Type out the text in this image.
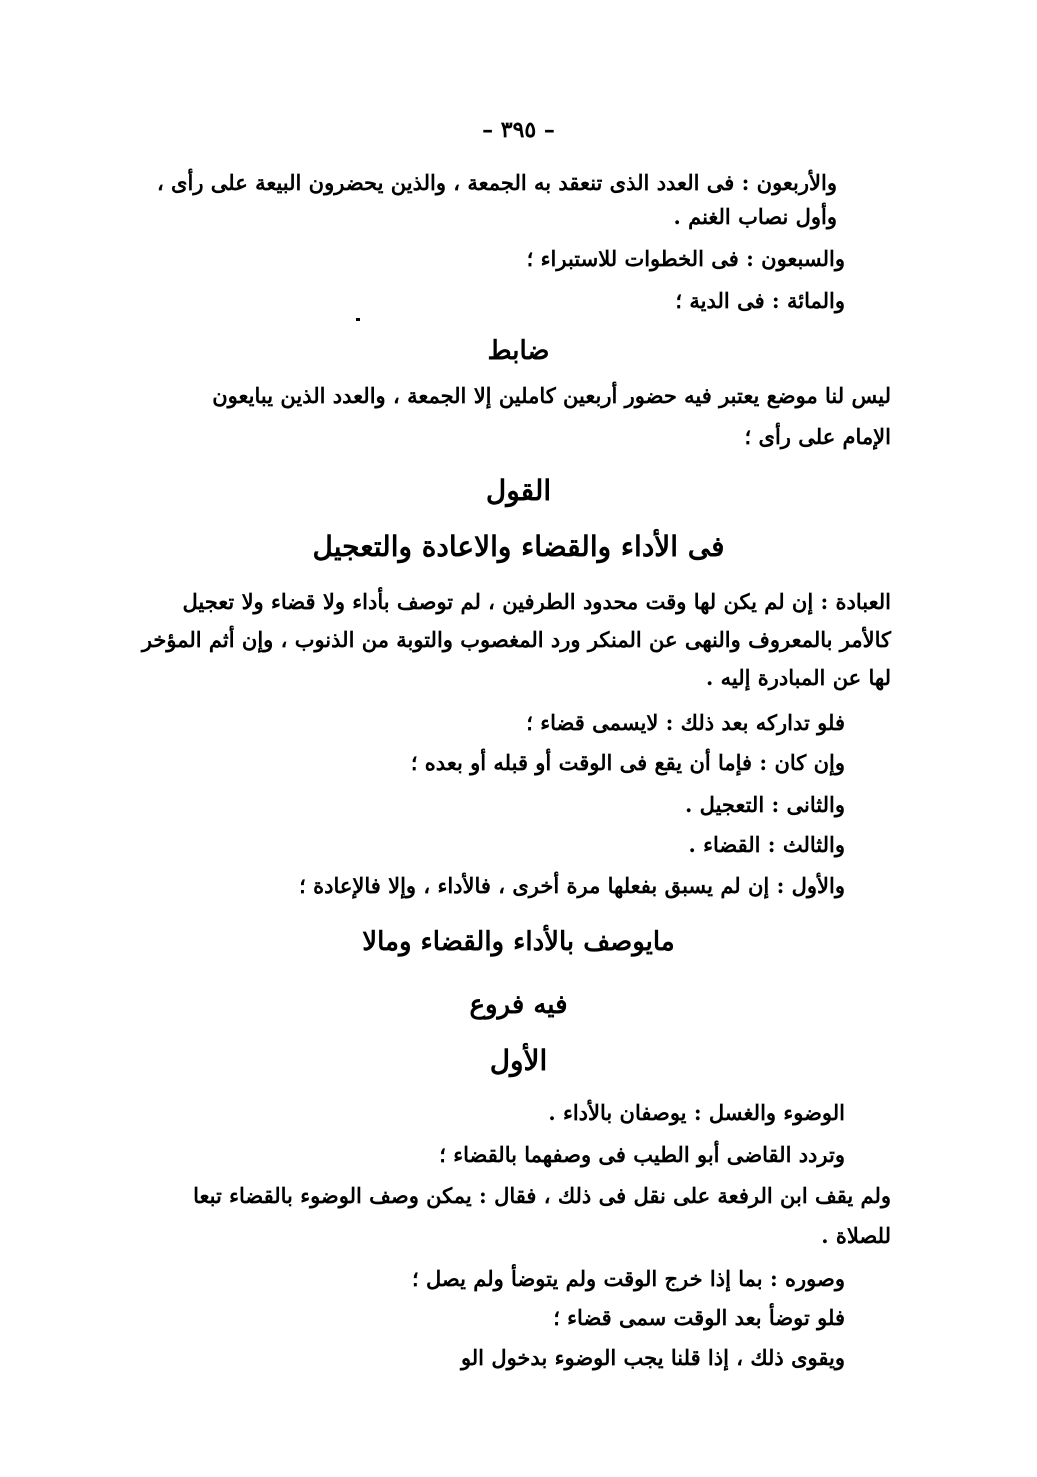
– ٣٩٥ –
والأربعون : فى العدد الذى تنعقد به الجمعة ، والذين يحضرون البيعة على رأى ،
وأول نصاب الغنم .
والسبعون : فى الخطوات للاستبراء ؛
والمائة : فى الدية ؛
ضابط
ليس لنا موضع يعتبر فيه حضور أربعين كاملين إلا الجمعة ، والعدد الذين يبايعون
الإمام على رأى ؛
القول
فى الأداء والقضاء والاعادة والتعجيل
العبادة : إن لم يكن لها وقت محدود الطرفين ، لم توصف بأداء ولا قضاء ولا تعجيل
كالأمر بالمعروف والنهى عن المنكر ورد المغصوب والتوبة من الذنوب ، وإن أثم المؤخر
لها عن المبادرة إليه .
فلو تداركه بعد ذلك : لايسمى قضاء ؛
وإن كان : فإما أن يقع فى الوقت أو قبله أو بعده ؛
والثانى : التعجيل .
والثالث : القضاء .
والأول : إن لم يسبق بفعلها مرة أخرى ، فالأداء ، وإلا فالإعادة ؛
مايوصف بالأداء والقضاء ومالا
فيه فروع
الأول
الوضوء والغسل : يوصفان بالأداء .
وتردد القاضى أبو الطيب فى وصفهما بالقضاء ؛
ولم يقف ابن الرفعة على نقل فى ذلك ، فقال : يمكن وصف الوضوء بالقضاء تبعا
للصلاة .
وصوره : بما إذا خرج الوقت ولم يتوضأ ولم يصل ؛
فلو توضأ بعد الوقت سمى قضاء ؛
ويقوى ذلك ، إذا قلنا يجب الوضوء بدخول الو
